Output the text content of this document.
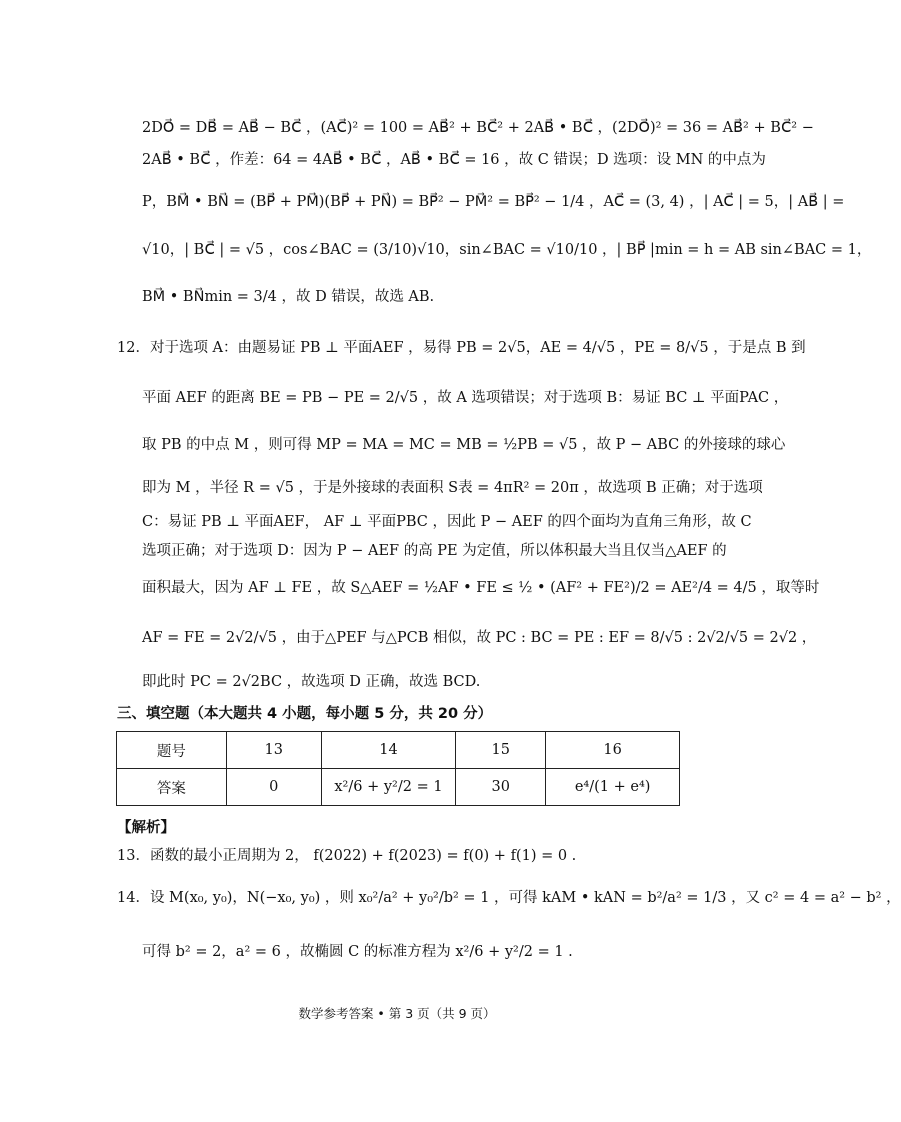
2DO⃗ = DB⃗ = AB⃗ − BC⃗ ，(AC⃗)² = 100 = AB⃗² + BC⃗² + 2AB⃗ • BC⃗ ，(2DO⃗)² = 36 = AB⃗² + BC⃗² −
2AB⃗ • BC⃗ ，作差：64 = 4AB⃗ • BC⃗ ，AB⃗ • BC⃗ = 16 ，故 C 错误；D 选项：设 MN 的中点为
P，BM⃗ • BN⃗ = (BP⃗ + PM⃗)(BP⃗ + PN⃗) = BP⃗² − PM⃗² = BP⃗² − 1/4 ，AC⃗ = (3, 4) ，| AC⃗ | = 5，| AB⃗ | =
√10，| BC⃗ | = √5 ，cos∠BAC = (3/10)√10，sin∠BAC = √10/10 ，| BP⃗ |min = h = AB sin∠BAC = 1，
BM⃗ • BN⃗min = 3/4 ，故 D 错误，故选 AB.
12．对于选项 A：由题易证 PB ⊥ 平面AEF ，易得 PB = 2√5，AE = 4/√5 ，PE = 8/√5 ，于是点 B 到
平面 AEF 的距离 BE = PB − PE = 2/√5 ，故 A 选项错误；对于选项 B：易证 BC ⊥ 平面PAC ，
取 PB 的中点 M ，则可得 MP = MA = MC = MB = ½PB = √5 ，故 P − ABC 的外接球的球心
即为 M ，半径 R = √5 ，于是外接球的表面积 S表 = 4πR² = 20π ，故选项 B 正确；对于选项
C：易证 PB ⊥ 平面AEF， AF ⊥ 平面PBC ，因此 P − AEF 的四个面均为直角三角形，故 C
选项正确；对于选项 D：因为 P − AEF 的高 PE 为定值，所以体积最大当且仅当△AEF 的
面积最大，因为 AF ⊥ FE ，故 S△AEF = ½AF • FE ≤ ½ • (AF² + FE²)/2 = AE²/4 = 4/5 ，取等时
AF = FE = 2√2/√5 ，由于△PEF 与△PCB 相似，故 PC : BC = PE : EF = 8/√5 : 2√2/√5 = 2√2 ，
即此时 PC = 2√2BC ，故选项 D 正确，故选 BCD.
三、填空题（本大题共 4 小题，每小题 5 分，共 20 分）
题号	13	14	15	16
答案	0	x²/6 + y²/2 = 1	30	e⁴/(1 + e⁴)
【解析】
13．函数的最小正周期为 2， f(2022) + f(2023) = f(0) + f(1) = 0 .
14．设 M(x₀, y₀)，N(−x₀, y₀) ，则 x₀²/a² + y₀²/b² = 1 ，可得 kAM • kAN = b²/a² = 1/3 ，又 c² = 4 = a² − b² ，
可得 b² = 2，a² = 6 ，故椭圆 C 的标准方程为 x²/6 + y²/2 = 1 .
数学参考答案 • 第 3 页（共 9 页）
